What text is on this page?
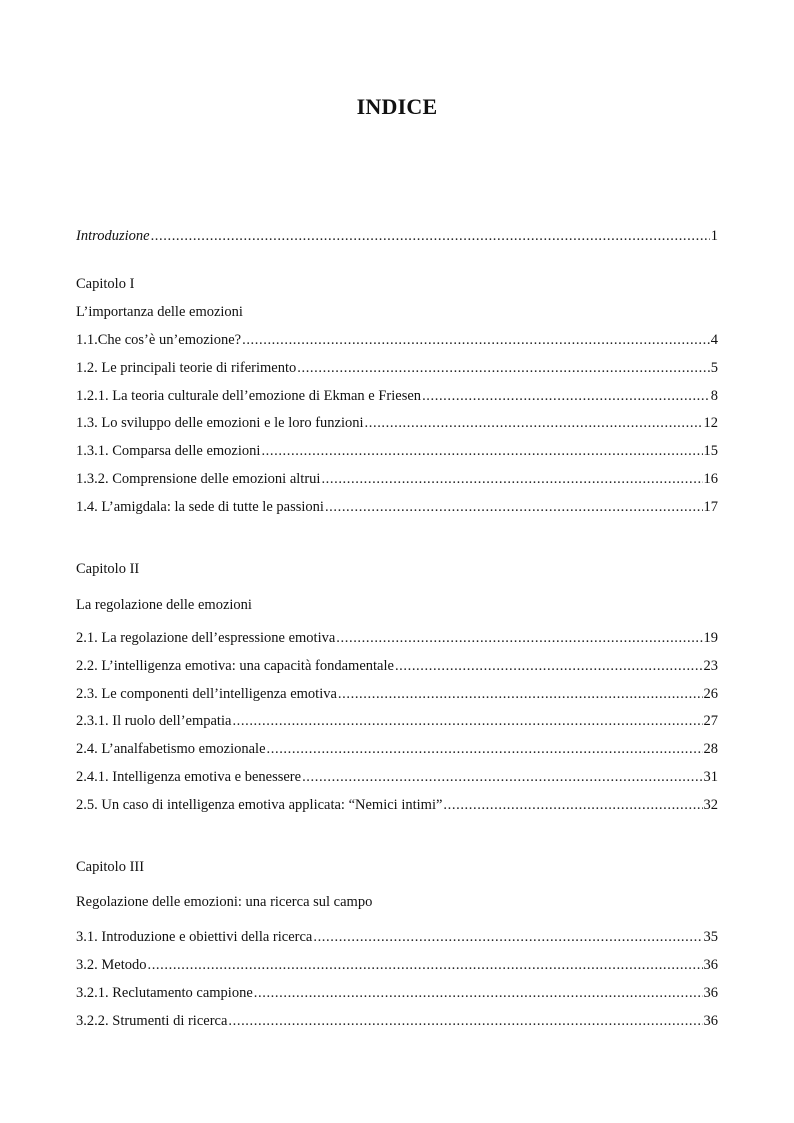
INDICE
Introduzione .....	1
Capitolo I
L’importanza delle emozioni
1.1.Che cos’è un’emozione? .....	4
1.2. Le principali teorie di riferimento .....	5
1.2.1. La teoria culturale dell’emozione di Ekman e Friesen .....	8
1.3. Lo sviluppo delle emozioni e le loro funzioni .....	12
1.3.1. Comparsa delle emozioni .....	15
1.3.2. Comprensione delle emozioni altrui .....	16
1.4. L’amigdala: la sede di tutte le passioni .....	17
Capitolo II
La regolazione delle emozioni
2.1. La regolazione dell’espressione emotiva .....	19
2.2. L’intelligenza emotiva: una capacità fondamentale .....	23
2.3. Le componenti dell’intelligenza emotiva .....	26
2.3.1. Il ruolo dell’empatia .....	27
2.4. L’analfabetismo emozionale .....	28
2.4.1. Intelligenza emotiva e benessere .....	31
2.5. Un caso di intelligenza emotiva applicata: “Nemici intimi” .....	32
Capitolo III
Regolazione delle emozioni: una ricerca sul campo
3.1. Introduzione e obiettivi della ricerca .....	35
3.2. Metodo .....	36
3.2.1. Reclutamento campione .....	36
3.2.2. Strumenti di ricerca .....	36
